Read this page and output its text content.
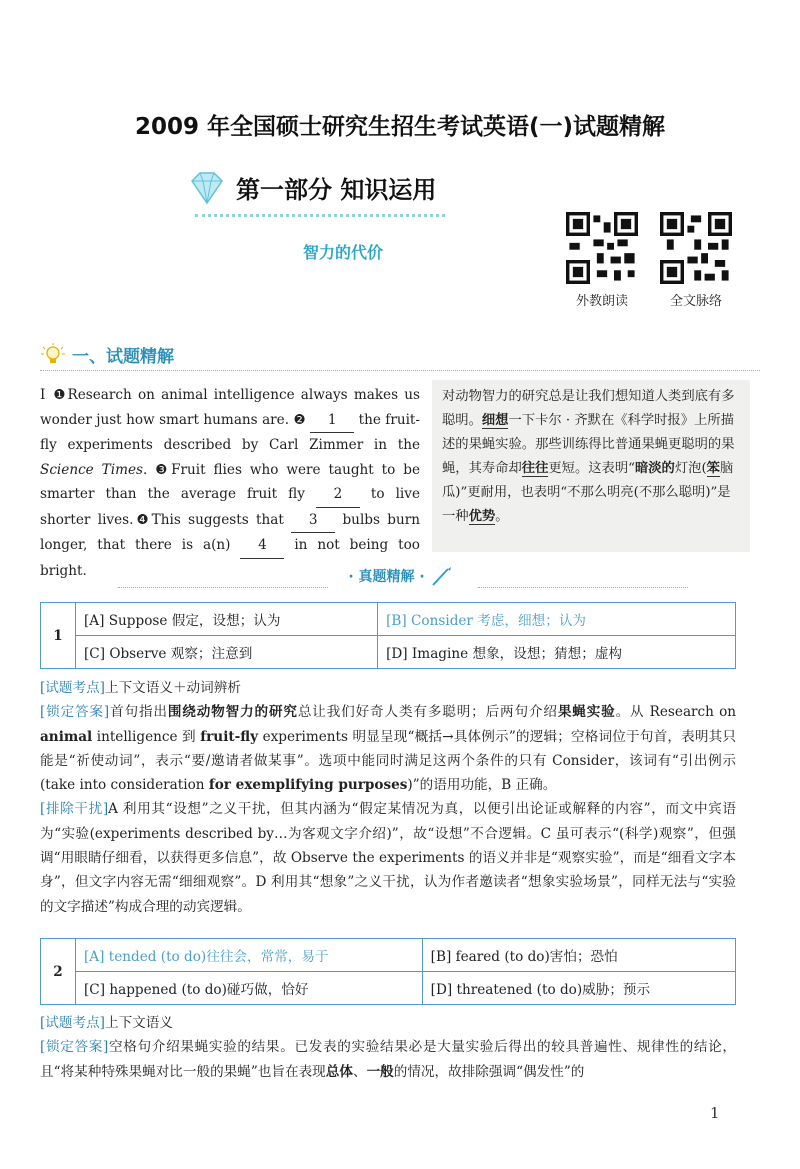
2009 年全国硕士研究生招生考试英语(一)试题精解
第一部分 知识运用
智力的代价
外教朗读	全文脉络
一、试题精解
Ⅰ ❶Research on animal intelligence always makes us wonder just how smart humans are. ❷ 1 the fruit-fly experiments described by Carl Zimmer in the Science Times. ❸Fruit flies who were taught to be smarter than the average fruit fly 2 to live shorter lives.❹This suggests that 3 bulbs burn longer, that there is a(n) 4 in not being too bright.
对动物智力的研究总是让我们想知道人类到底有多聪明。细想一下卡尔 · 齐默在《科学时报》上所描述的果蝇实验。那些训练得比普通果蝇更聪明的果蝇，其寿命却往往更短。这表明“暗淡的灯泡(笨脑瓜)”更耐用，也表明“不那么明亮(不那么聪明)”是一种优势。
· 真题精解 ·
1	[A] Suppose 假定，设想；认为	[B] Consider 考虑，细想；认为
	[C] Observe 观察；注意到	[D] Imagine 想象，设想；猜想；虚构
[试题考点]上下文语义＋动词辨析
[锁定答案]首句指出围绕动物智力的研究总让我们好奇人类有多聪明；后两句介绍果蝇实验。从 Research on animal intelligence 到 fruit-fly experiments 明显呈现“概括→具体例示”的逻辑；空格词位于句首，表明其只能是“祈使动词”，表示“要/邀请者做某事”。选项中能同时满足这两个条件的只有 Consider，该词有“引出例示(take into consideration for exemplifying purposes)”的语用功能，B 正确。
[排除干扰]A 利用其“设想”之义干扰，但其内涵为“假定某情况为真，以便引出论证或解释的内容”，而文中宾语为“实验(experiments described by…为客观文字介绍)”，故“设想”不合逻辑。C 虽可表示“(科学)观察”，但强调“用眼睛仔细看，以获得更多信息”，故 Observe the experiments 的语义并非是“观察实验”，而是“细看文字本身”，但文字内容无需“细细观察”。D 利用其“想象”之义干扰，认为作者邀读者“想象实验场景”，同样无法与“实验的文字描述”构成合理的动宾逻辑。
2	[A] tended (to do)往往会，常常，易于	[B] feared (to do)害怕；恐怕
	[C] happened (to do)碰巧做，恰好	[D] threatened (to do)威胁；预示
[试题考点]上下文语义
[锁定答案]空格句介绍果蝇实验的结果。已发表的实验结果必是大量实验后得出的较具普遍性、规律性的结论，且“将某种特殊果蝇对比一般的果蝇”也旨在表现总体、一般的情况，故排除强调“偶发性”的
1
